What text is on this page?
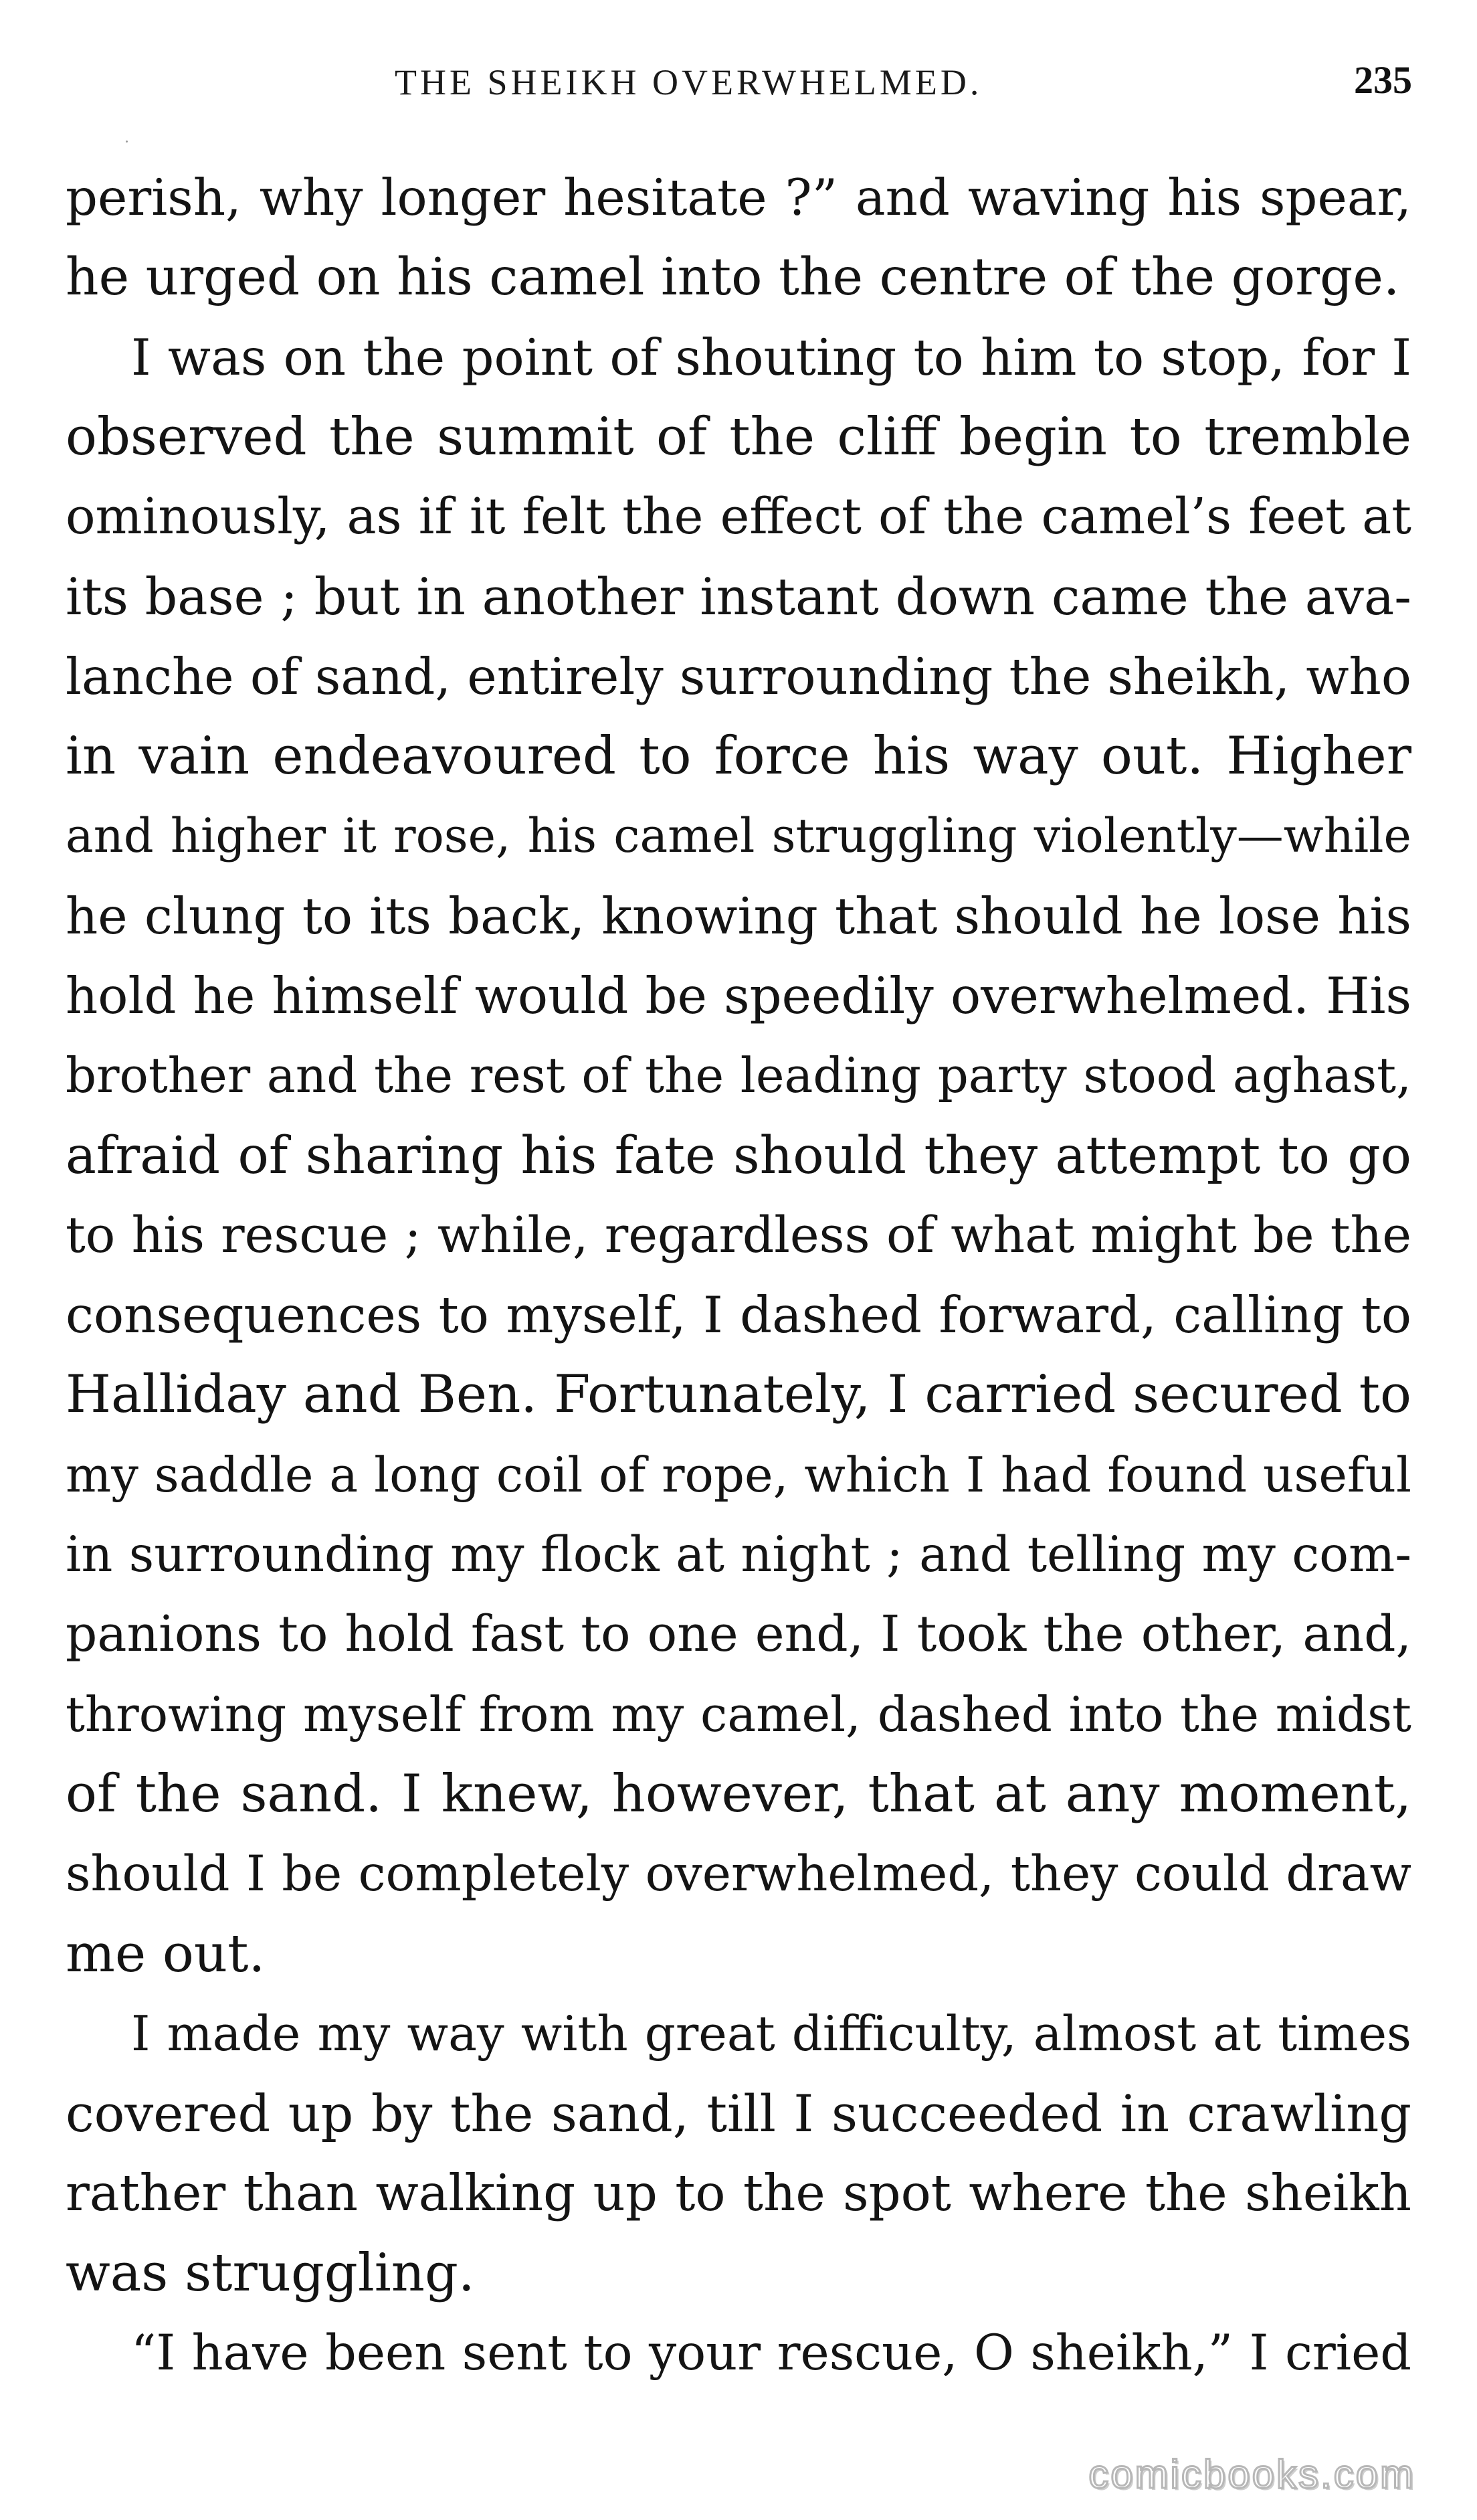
THE SHEIKH OVERWHELMED.	235
perish, why longer hesitate ?” and waving his spear,
he urged on his camel into the centre of the gorge.
I was on the point of shouting to him to stop, for I
observed the summit of the cliff begin to tremble
ominously, as if it felt the effect of the camel’s feet at
its base ; but in another instant down came the ava-
lanche of sand, entirely surrounding the sheikh, who
in vain endeavoured to force his way out. Higher
and higher it rose, his camel struggling violently—while
he clung to its back, knowing that should he lose his
hold he himself would be speedily overwhelmed. His
brother and the rest of the leading party stood aghast,
afraid of sharing his fate should they attempt to go
to his rescue ; while, regardless of what might be the
consequences to myself, I dashed forward, calling to
Halliday and Ben. Fortunately, I carried secured to
my saddle a long coil of rope, which I had found useful
in surrounding my flock at night ; and telling my com-
panions to hold fast to one end, I took the other, and,
throwing myself from my camel, dashed into the midst
of the sand. I knew, however, that at any moment,
should I be completely overwhelmed, they could draw
me out.
I made my way with great difficulty, almost at times
covered up by the sand, till I succeeded in crawling
rather than walking up to the spot where the sheikh
was struggling.
“I have been sent to your rescue, O sheikh,” I cried
comicbooks.com
